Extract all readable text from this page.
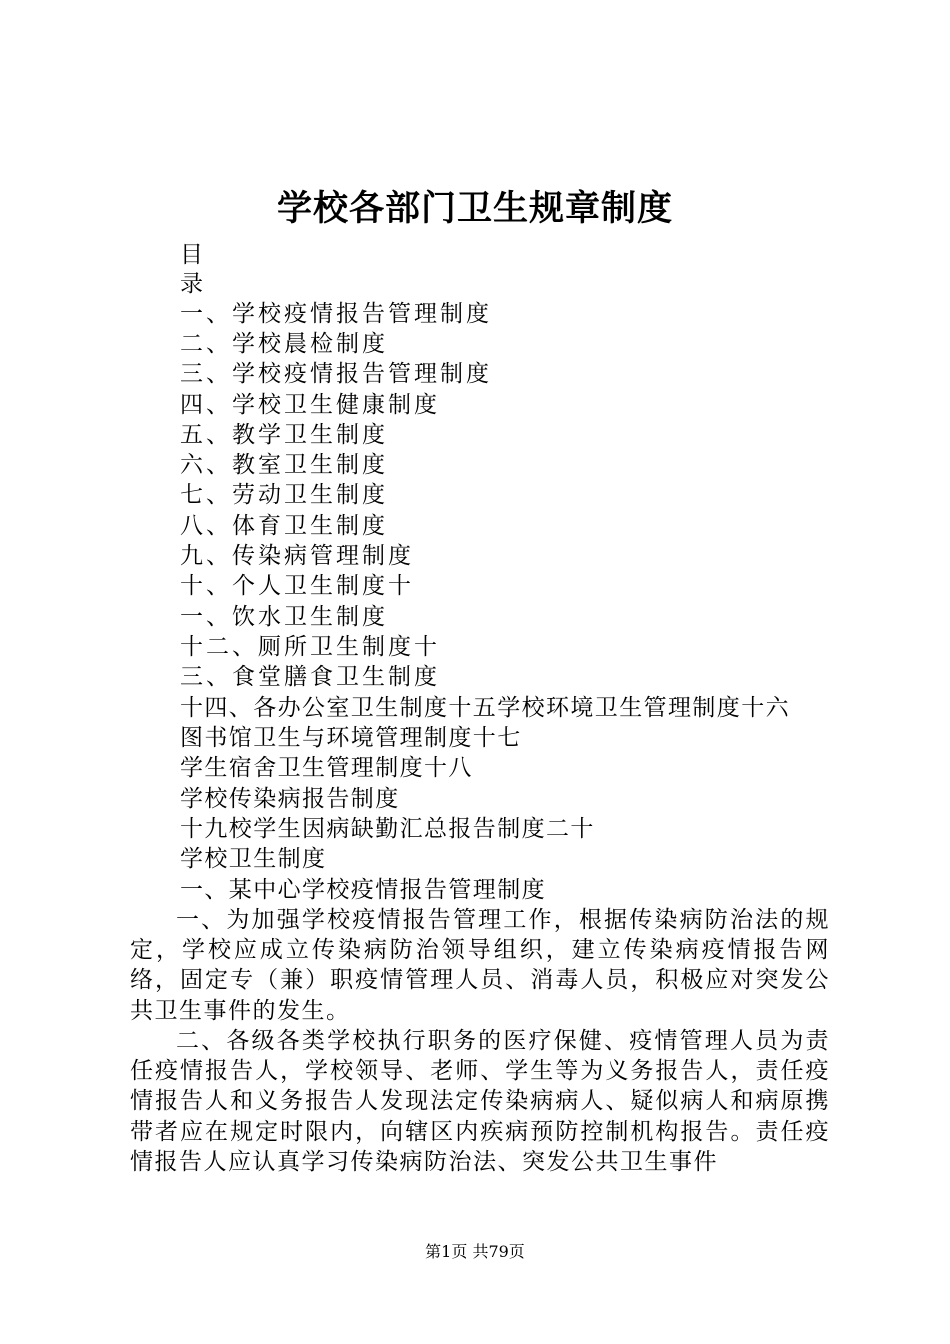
学校各部门卫生规章制度
目
录
一、学校疫情报告管理制度
二、学校晨检制度
三、学校疫情报告管理制度
四、学校卫生健康制度
五、教学卫生制度
六、教室卫生制度
七、劳动卫生制度
八、体育卫生制度
九、传染病管理制度
十、个人卫生制度十
一、饮水卫生制度
十二、厕所卫生制度十
三、食堂膳食卫生制度
十四、各办公室卫生制度十五学校环境卫生管理制度十六
图书馆卫生与环境管理制度十七
学生宿舍卫生管理制度十八
学校传染病报告制度
十九校学生因病缺勤汇总报告制度二十
学校卫生制度
一、某中心学校疫情报告管理制度
一、为加强学校疫情报告管理工作，根据传染病防治法的规定，学校应成立传染病防治领导组织，建立传染病疫情报告网络，固定专（兼）职疫情管理人员、消毒人员，积极应对突发公共卫生事件的发生。
二、各级各类学校执行职务的医疗保健、疫情管理人员为责任疫情报告人，学校领导、老师、学生等为义务报告人，责任疫情报告人和义务报告人发现法定传染病病人、疑似病人和病原携带者应在规定时限内，向辖区内疾病预防控制机构报告。责任疫情报告人应认真学习传染病防治法、突发公共卫生事件
第1页 共79页
